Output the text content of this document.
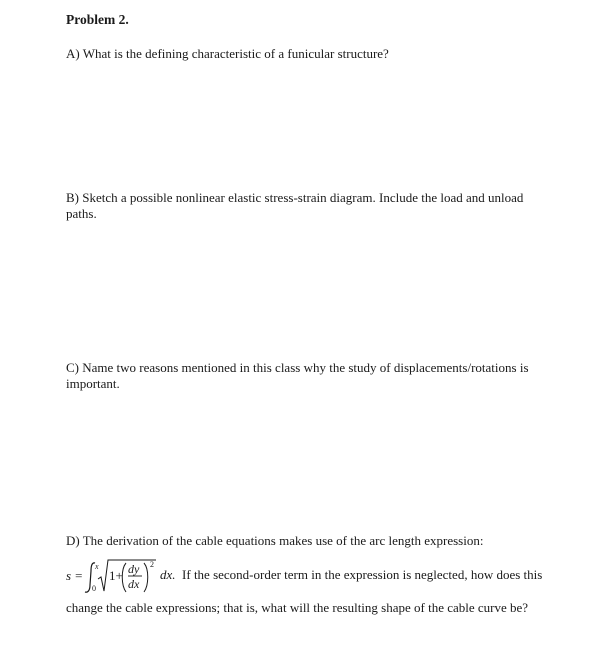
Problem 2.
A) What is the defining characteristic of a funicular structure?
B) Sketch a possible nonlinear elastic stress-strain diagram. Include the load and unload paths.
C) Name two reasons mentioned in this class why the study of displacements/rotations is important.
D) The derivation of the cable equations makes use of the arc length expression:
s =
x
0
1+ dy
dx
2
dx. If the second-order term in the expression is neglected, how does this
change the cable expressions; that is, what will the resulting shape of the cable curve be?
